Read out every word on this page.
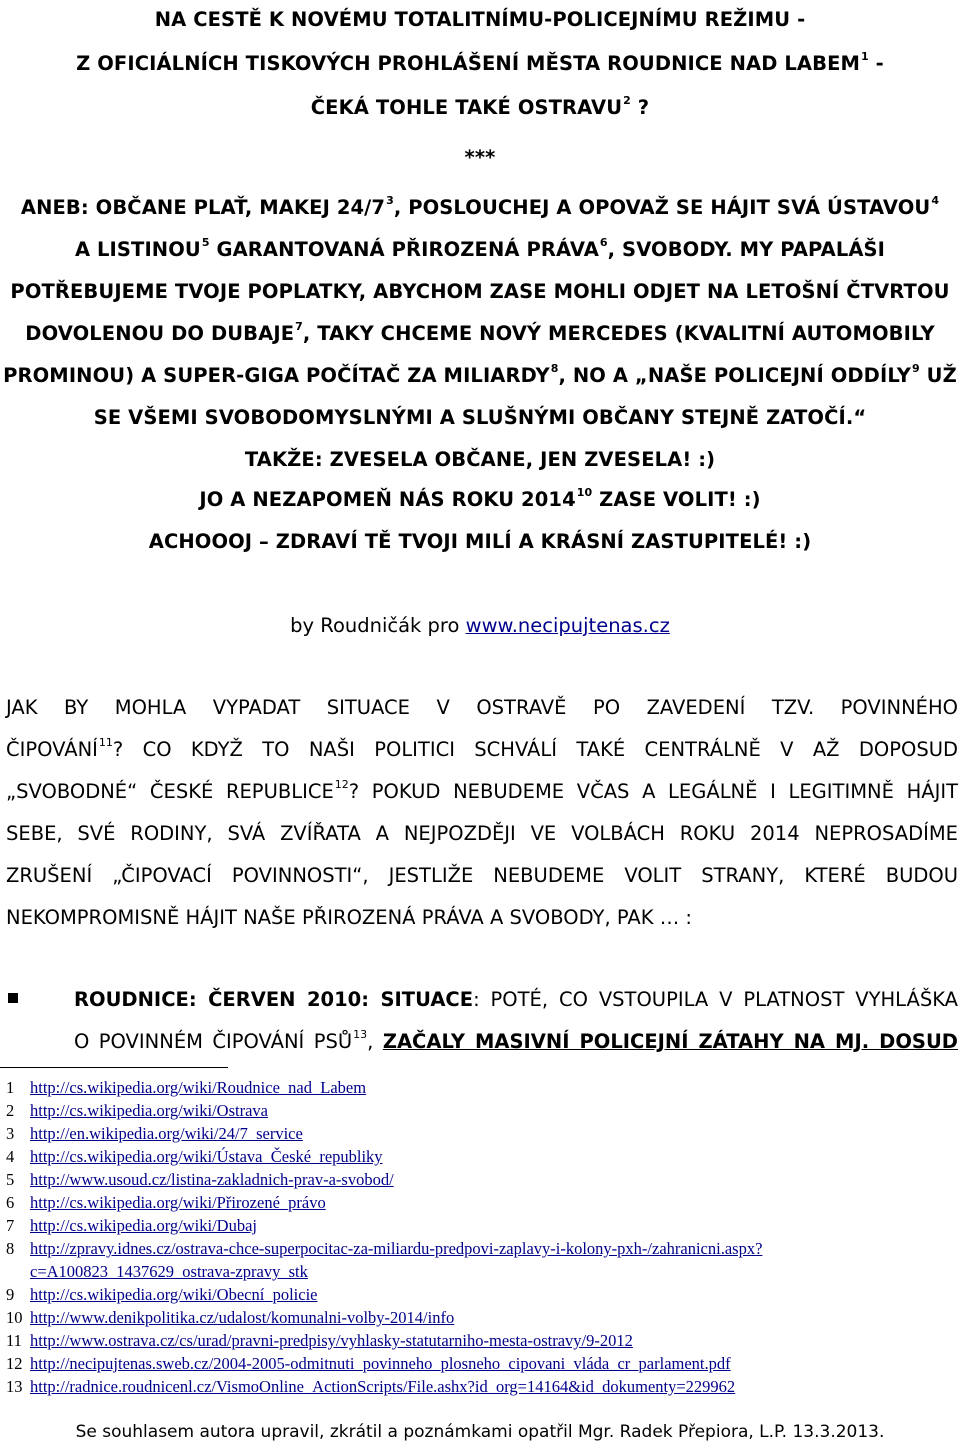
NA CESTĚ K NOVÉMU TOTALITNÍMU-POLICEJNÍMU REŽIMU -
Z OFICIÁLNÍCH TISKOVÝCH PROHLÁŠENÍ MĚSTA ROUDNICE NAD LABEM$^1$ -
ČEKÁ TOHLE TAKÉ OSTRAVU$^2$ ?
***
ANEB: OBČANE PLAŤ, MAKEJ $24/7^3$, POSLOUCHEJ A OPOVAŽ SE HÁJIT SVÁ ÚSTAVOU$^4$
A LISTINOU$^5$ GARANTOVANÁ PŘIROZENÁ PRÁVA$^6$, SVOBODY. MY PAPALÁŠI
POTŘEBUJEME TVOJE POPLATKY, ABYCHOM ZASE MOHLI ODJET NA LETOŠNÍ ČTVRTOU
DOVOLENOU DO DUBAJE$^7$, TAKY CHCEME NOVÝ MERCEDES (KVALITNÍ AUTOMOBILY
PROMINOU) A SUPER-GIGA POČÍTAČ ZA MILIARDY$^8$, NO A „NAŠE POLICEJNÍ ODDÍLY$^9$ UŽ
SE VŠEMI SVOBODOMYSLNÝMI A SLUŠNÝMI OBČANY STEJNĚ ZATOČÍ.“
TAKŽE: ZVESELA OBČANE, JEN ZVESELA! :)
JO A NEZAPOMEŇ NÁS ROKU 2014$^{10}$ ZASE VOLIT! :)
ACHOOOJ – ZDRAVÍ TĚ TVOJI MILÍ A KRÁSNÍ ZASTUPITELÉ! :)
by Roudničák pro www.necipujtenas.cz
JAK BY MOHLA VYPADAT SITUACE V OSTRAVĚ PO ZAVEDENÍ TZV. POVINNÉHO
ČIPOVÁNÍ$^{11}$? CO KDYŽ TO NAŠI POLITICI SCHVÁLÍ TAKÉ CENTRÁLNĚ V AŽ DOPOSUD
„SVOBODNÉ“ ČESKÉ REPUBLICE$^{12}$? POKUD NEBUDEME VČAS A LEGÁLNĚ I LEGITIMNĚ HÁJIT
SEBE, SVÉ RODINY, SVÁ ZVÍŘATA A NEJPOZDĚJI VE VOLBÁCH ROKU 2014 NEPROSADÍME
ZRUŠENÍ „ČIPOVACÍ POVINNOSTI“, JESTLIŽE NEBUDEME VOLIT STRANY, KTERÉ BUDOU
NEKOMPROMISNĚ HÁJIT NAŠE PŘIROZENÁ PRÁVA A SVOBODY, PAK … :
ROUDNICE: ČERVEN 2010: SITUACE: POTÉ, CO VSTOUPILA V PLATNOST VYHLÁŠKA
O POVINNÉM ČIPOVÁNÍ PSŮ$^{13}$, ZAČALY MASIVNÍ POLICEJNÍ ZÁTAHY NA MJ. DOSUD
1 http://cs.wikipedia.org/wiki/Roudnice_nad_Labem
2 http://cs.wikipedia.org/wiki/Ostrava
3 http://en.wikipedia.org/wiki/24/7_service
4 http://cs.wikipedia.org/wiki/Ústava_České_republiky
5 http://www.usoud.cz/listina-zakladnich-prav-a-svobod/
6 http://cs.wikipedia.org/wiki/Přirozené_právo
7 http://cs.wikipedia.org/wiki/Dubaj
8 http://zpravy.idnes.cz/ostrava-chce-superpocitac-za-miliardu-predpovi-zaplavy-i-kolony-pxh-/zahranicni.aspx?
c=A100823_1437629_ostrava-zpravy_stk
9 http://cs.wikipedia.org/wiki/Obecní_policie
10 http://www.denikpolitika.cz/udalost/komunalni-volby-2014/info
11 http://www.ostrava.cz/cs/urad/pravni-predpisy/vyhlasky-statutarniho-mesta-ostravy/9-2012
12 http://necipujtenas.sweb.cz/2004-2005-odmitnuti_povinneho_plosneho_cipovani_vláda_cr_parlament.pdf
13 http://radnice.roudnicenl.cz/VismoOnline_ActionScripts/File.ashx?id_org=14164&id_dokumenty=229962
Se souhlasem autora upravil, zkrátil a poznámkami opatřil Mgr. Radek Přepiora, L.P. 13.3.2013.
